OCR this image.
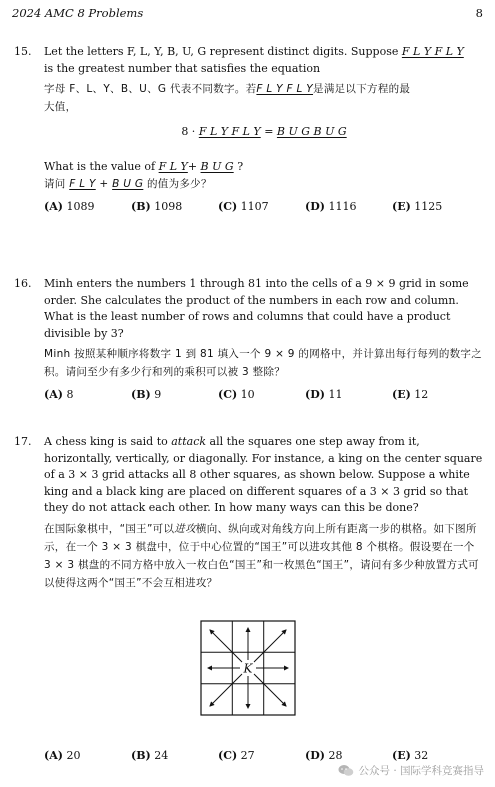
2024 AMC 8 Problems	8
15. Let the letters F, L, Y, B, U, G represent distinct digits. Suppose F L Y F L Y
is the greatest number that satisfies the equation
字母 F、L、Y、B、U、G 代表不同数字。若F L Y F L Y是满足以下方程的最
大值，
8 · F L Y F L Y = B U G B U G
What is the value of F L Y+ B U G ?
请问 F L Y + B U G 的值为多少？
(A) 1089	(B) 1098	(C) 1107	(D) 1116	(E) 1125
16. Minh enters the numbers 1 through 81 into the cells of a 9 × 9 grid in some order. She calculates the product of the numbers in each row and column. What is the least number of rows and columns that could have a product divisible by 3?
Minh 按照某种顺序将数字 1 到 81 填入一个 9 × 9 的网格中，并计算出每行每列的数字之积。请问至少有多少行和列的乘积可以被 3 整除？
(A) 8	(B) 9	(C) 10	(D) 11	(E) 12
17. A chess king is said to attack all the squares one step away from it, horizontally, vertically, or diagonally. For instance, a king on the center square of a 3 × 3 grid attacks all 8 other squares, as shown below. Suppose a white king and a black king are placed on different squares of a 3 × 3 grid so that they do not attack each other. In how many ways can this be done?
在国际象棋中，“国王”可以进攻横向、纵向或对角线方向上所有距离一步的棋格。如下图所示，在一个 3 × 3 棋盘中，位于中心位置的“国王”可以进攻其他 8 个棋格。假设要在一个 3 × 3 棋盘的不同方格中放入一枚白色“国王”和一枚黑色“国王”，请问有多少种放置方式可以使得这两个“国王”不会互相进攻？
K
(A) 20	(B) 24	(C) 27	(D) 28	(E) 32
公众号 · 国际学科竞赛指导
